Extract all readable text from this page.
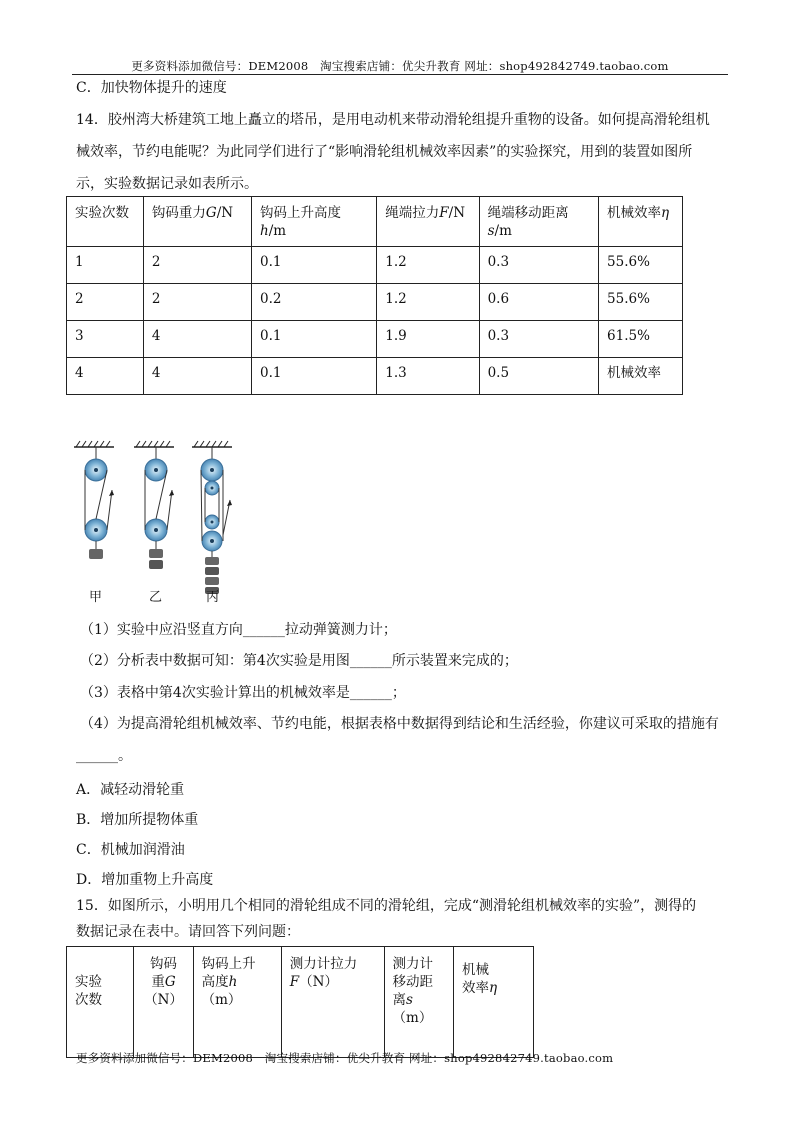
更多资料添加微信号：DEM2008　淘宝搜索店铺：优尖升教育 网址：shop492842749.taobao.com
C．加快物体提升的速度
14．胶州湾大桥建筑工地上矗立的塔吊，是用电动机来带动滑轮组提升重物的设备。如何提高滑轮组机
械效率，节约电能呢？为此同学们进行了“影响滑轮组机械效率因素”的实验探究，用到的装置如图所
示，实验数据记录如表所示。
实验次数	钩码重力G/N	钩码上升高度
h/m	绳端拉力F/N	绳端移动距离s/m	机械效率η
1	2	0.1	1.2	0.3	55.6%
2	2	0.2	1.2	0.6	55.6%
3	4	0.1	1.9	0.3	61.5%
4	4	0.1	1.3	0.5	机械效率
甲	乙	丙
（1）实验中应沿竖直方向______拉动弹簧测力计；
（2）分析表中数据可知：第4次实验是用图______所示装置来完成的；
（3）表格中第4次实验计算出的机械效率是______；
（4）为提高滑轮组机械效率、节约电能，根据表格中数据得到结论和生活经验，你建议可采取的措施有
______。
A．减轻动滑轮重
B．增加所提物体重
C．机械加润滑油
D．增加重物上升高度
15．如图所示，小明用几个相同的滑轮组成不同的滑轮组，完成“测滑轮组机械效率的实验”，测得的
数据记录在表中。请回答下列问题：
实验
次数	钩码
重G
（N）	钩码上升
高度h
（m）	测力计拉力
F（N）	测力计
移动距
离s
（m）	机械
效率η
更多资料添加微信号：DEM2008　淘宝搜索店铺：优尖升教育 网址：shop492842749.taobao.com
